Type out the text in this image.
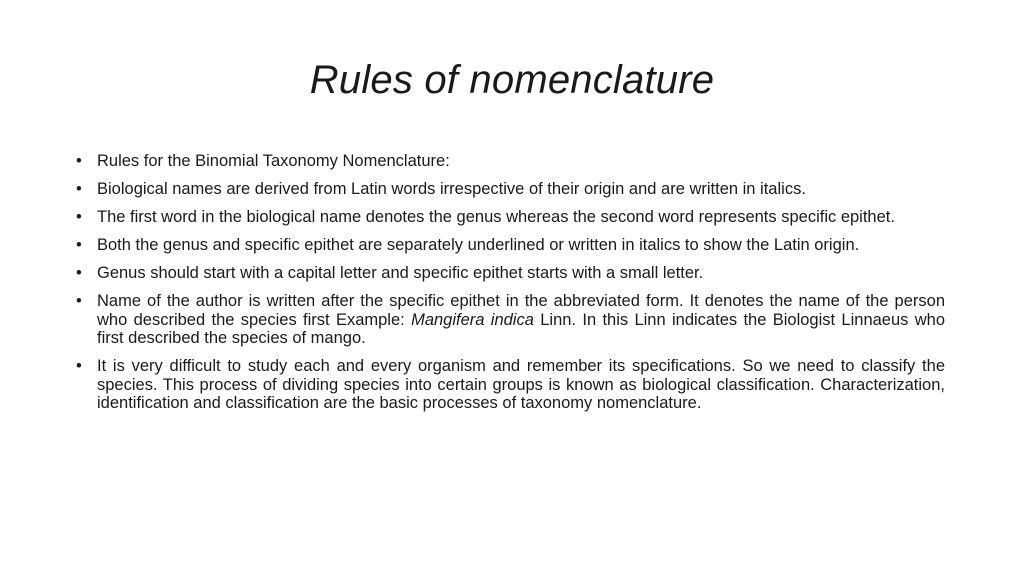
Rules of nomenclature
• Rules for the Binomial Taxonomy Nomenclature:
• Biological names are derived from Latin words irrespective of their origin and are written in italics.
• The first word in the biological name denotes the genus whereas the second word represents specific epithet.
• Both the genus and specific epithet are separately underlined or written in italics to show the Latin origin.
• Genus should start with a capital letter and specific epithet starts with a small letter.
• Name of the author is written after the specific epithet in the abbreviated form. It denotes the name of the person who described the species first Example: Mangifera indica Linn. In this Linn indicates the Biologist Linnaeus who first described the species of mango.
• It is very difficult to study each and every organism and remember its specifications. So we need to classify the species. This process of dividing species into certain groups is known as biological classification. Characterization, identification and classification are the basic processes of taxonomy nomenclature.
